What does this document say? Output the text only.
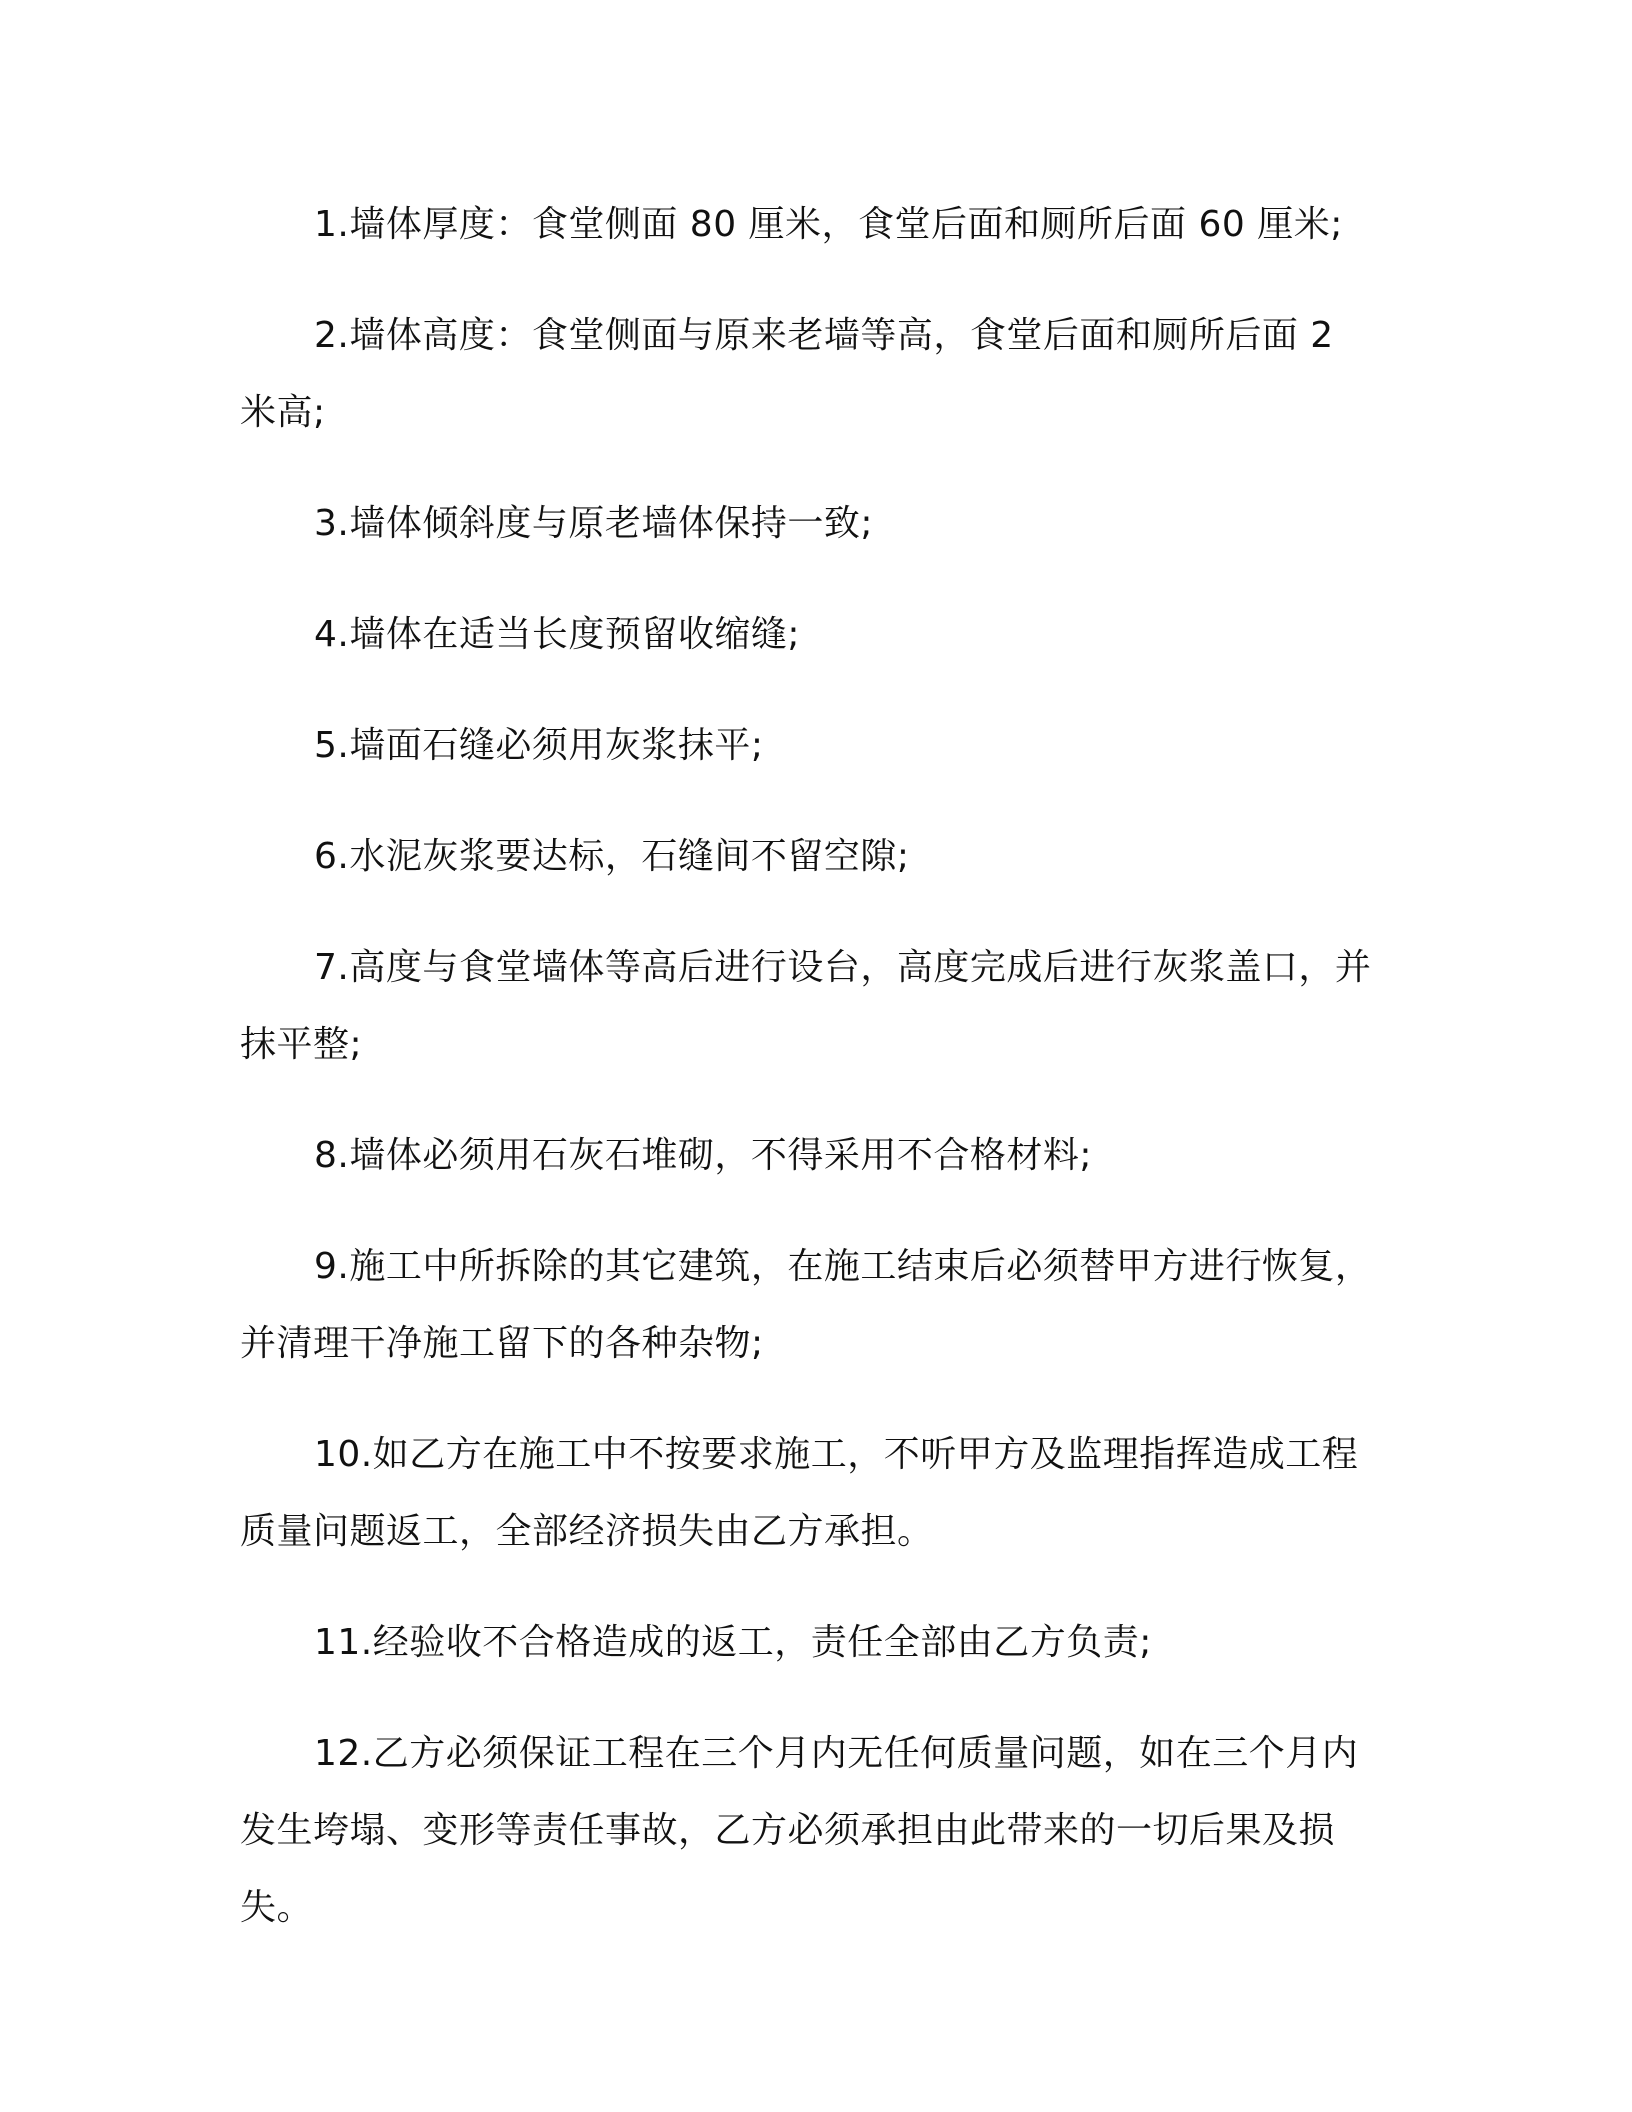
1.墙体厚度：食堂侧面 80 厘米，食堂后面和厕所后面 60 厘米;

2.墙体高度：食堂侧面与原来老墙等高，食堂后面和厕所后面 2 米高;

3.墙体倾斜度与原老墙体保持一致;

4.墙体在适当长度预留收缩缝;

5.墙面石缝必须用灰浆抹平;

6.水泥灰浆要达标，石缝间不留空隙;

7.高度与食堂墙体等高后进行设台，高度完成后进行灰浆盖口，并抹平整;

8.墙体必须用石灰石堆砌，不得采用不合格材料;

9.施工中所拆除的其它建筑，在施工结束后必须替甲方进行恢复，并清理干净施工留下的各种杂物;

10.如乙方在施工中不按要求施工，不听甲方及监理指挥造成工程质量问题返工，全部经济损失由乙方承担。

11.经验收不合格造成的返工，责任全部由乙方负责;

12.乙方必须保证工程在三个月内无任何质量问题，如在三个月内发生垮塌、变形等责任事故，乙方必须承担由此带来的一切后果及损失。
